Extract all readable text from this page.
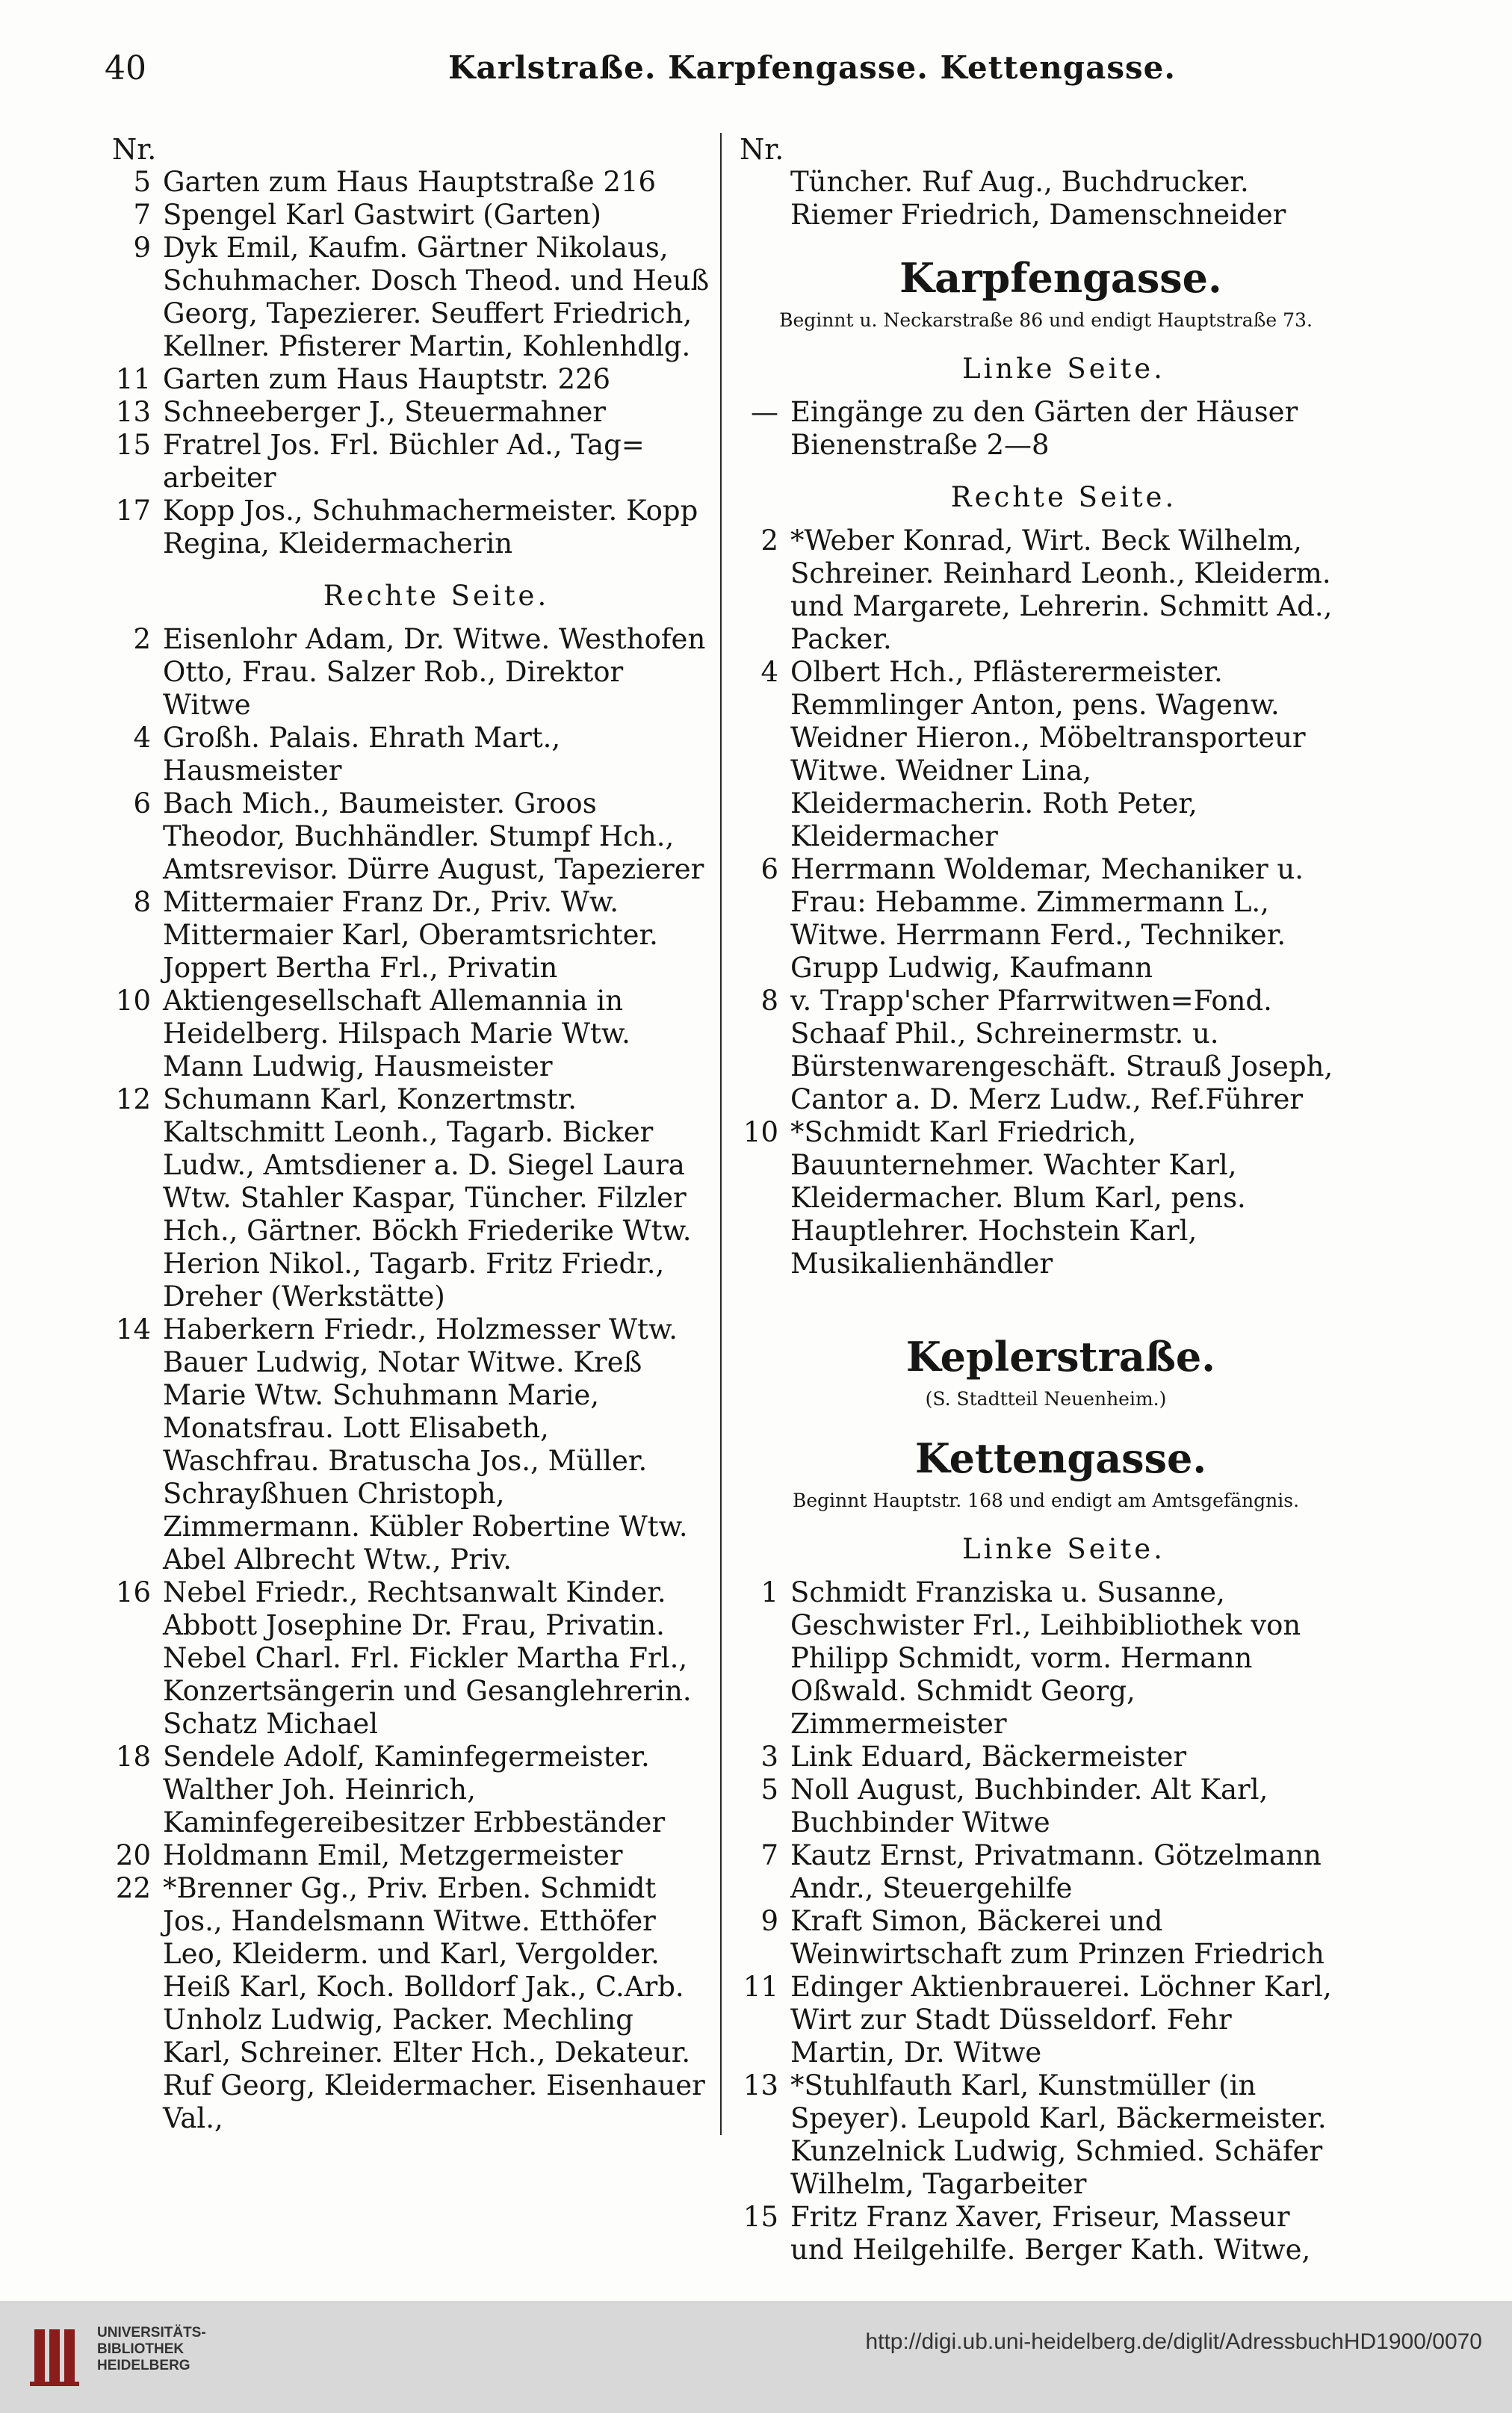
40	Karlstraße. Karpfengasse. Kettengasse.
Nr.
5 Garten zum Haus Hauptstraße 216
7 Spengel Karl Gastwirt (Garten)
9 Dyk Emil, Kaufm. Gärtner Nikolaus, Schuhmacher. Dosch Theod. und Heuß Georg, Tapezierer. Seuffert Friedrich, Kellner. Pfisterer Martin, Kohlenhdlg.
11 Garten zum Haus Hauptstr. 226
13 Schneeberger J., Steuermahner
15 Fratrel Jos. Frl. Büchler Ad., Tag= arbeiter
17 Kopp Jos., Schuhmachermeister. Kopp Regina, Kleidermacherin
Rechte Seite.
2 Eisenlohr Adam, Dr. Witwe. Westhofen Otto, Frau. Salzer Rob., Direktor Witwe
4 Großh. Palais. Ehrath Mart., Hausmeister
6 Bach Mich., Baumeister. Groos Theodor, Buchhändler. Stumpf Hch., Amtsrevisor. Dürre August, Tapezierer
8 Mittermaier Franz Dr., Priv. Ww. Mittermaier Karl, Oberamtsrichter. Joppert Bertha Frl., Privatin
10 Aktiengesellschaft Allemannia in Heidelberg. Hilspach Marie Wtw. Mann Ludwig, Hausmeister
12 Schumann Karl, Konzertmstr. Kaltschmitt Leonh., Tagarb. Bicker Ludw., Amtsdiener a. D. Siegel Laura Wtw. Stahler Kaspar, Tüncher. Filzler Hch., Gärtner. Böckh Friederike Wtw. Herion Nikol., Tagarb. Fritz Friedr., Dreher (Werkstätte)
14 Haberkern Friedr., Holzmesser Wtw. Bauer Ludwig, Notar Witwe. Kreß Marie Wtw. Schuhmann Marie, Monatsfrau. Lott Elisabeth, Waschfrau. Bratuscha Jos., Müller. Schrayßhuen Christoph, Zimmermann. Kübler Robertine Wtw. Abel Albrecht Wtw., Priv.
16 Nebel Friedr., Rechtsanwalt Kinder. Abbott Josephine Dr. Frau, Privatin. Nebel Charl. Frl. Fickler Martha Frl., Konzertsängerin und Gesanglehrerin. Schatz Michael
18 Sendele Adolf, Kaminfegermeister. Walther Joh. Heinrich, Kaminfegereibesitzer Erbbeständer
20 Holdmann Emil, Metzgermeister
22 *Brenner Gg., Priv. Erben. Schmidt Jos., Handelsmann Witwe. Etthöfer Leo, Kleiderm. und Karl, Vergolder. Heiß Karl, Koch. Bolldorf Jak., C.Arb. Unholz Ludwig, Packer. Mechling Karl, Schreiner. Elter Hch., Dekateur. Ruf Georg, Kleidermacher. Eisenhauer Val.,
Nr.
Tüncher. Ruf Aug., Buchdrucker. Riemer Friedrich, Damenschneider
Karpfengasse.
Beginnt u. Neckarstraße 86 und endigt Hauptstraße 73.
Linke Seite.
— Eingänge zu den Gärten der Häuser Bienenstraße 2—8
Rechte Seite.
2 *Weber Konrad, Wirt. Beck Wilhelm, Schreiner. Reinhard Leonh., Kleiderm. und Margarete, Lehrerin. Schmitt Ad., Packer.
4 Olbert Hch., Pflästerermeister. Remmlinger Anton, pens. Wagenw. Weidner Hieron., Möbeltransporteur Witwe. Weidner Lina, Kleidermacherin. Roth Peter, Kleidermacher
6 Herrmann Woldemar, Mechaniker u. Frau: Hebamme. Zimmermann L., Witwe. Herrmann Ferd., Techniker. Grupp Ludwig, Kaufmann
8 v. Trapp'scher Pfarrwitwen=Fond. Schaaf Phil., Schreinermstr. u. Bürstenwarengeschäft. Strauß Joseph, Cantor a. D. Merz Ludw., Ref.Führer
10 *Schmidt Karl Friedrich, Bauunternehmer. Wachter Karl, Kleidermacher. Blum Karl, pens. Hauptlehrer. Hochstein Karl, Musikalienhändler
Keplerstraße.
(S. Stadtteil Neuenheim.)
Kettengasse.
Beginnt Hauptstr. 168 und endigt am Amtsgefängnis.
Linke Seite.
1 Schmidt Franziska u. Susanne, Geschwister Frl., Leihbibliothek von Philipp Schmidt, vorm. Hermann Oßwald. Schmidt Georg, Zimmermeister
3 Link Eduard, Bäckermeister
5 Noll August, Buchbinder. Alt Karl, Buchbinder Witwe
7 Kautz Ernst, Privatmann. Götzelmann Andr., Steuergehilfe
9 Kraft Simon, Bäckerei und Weinwirtschaft zum Prinzen Friedrich
11 Edinger Aktienbrauerei. Löchner Karl, Wirt zur Stadt Düsseldorf. Fehr Martin, Dr. Witwe
13 *Stuhlfauth Karl, Kunstmüller (in Speyer). Leupold Karl, Bäckermeister. Kunzelnick Ludwig, Schmied. Schäfer Wilhelm, Tagarbeiter
15 Fritz Franz Xaver, Friseur, Masseur und Heilgehilfe. Berger Kath. Witwe,
UNIVERSITÄTS-
BIBLIOTHEK
HEIDELBERG
http://digi.ub.uni-heidelberg.de/diglit/AdressbuchHD1900/0070
